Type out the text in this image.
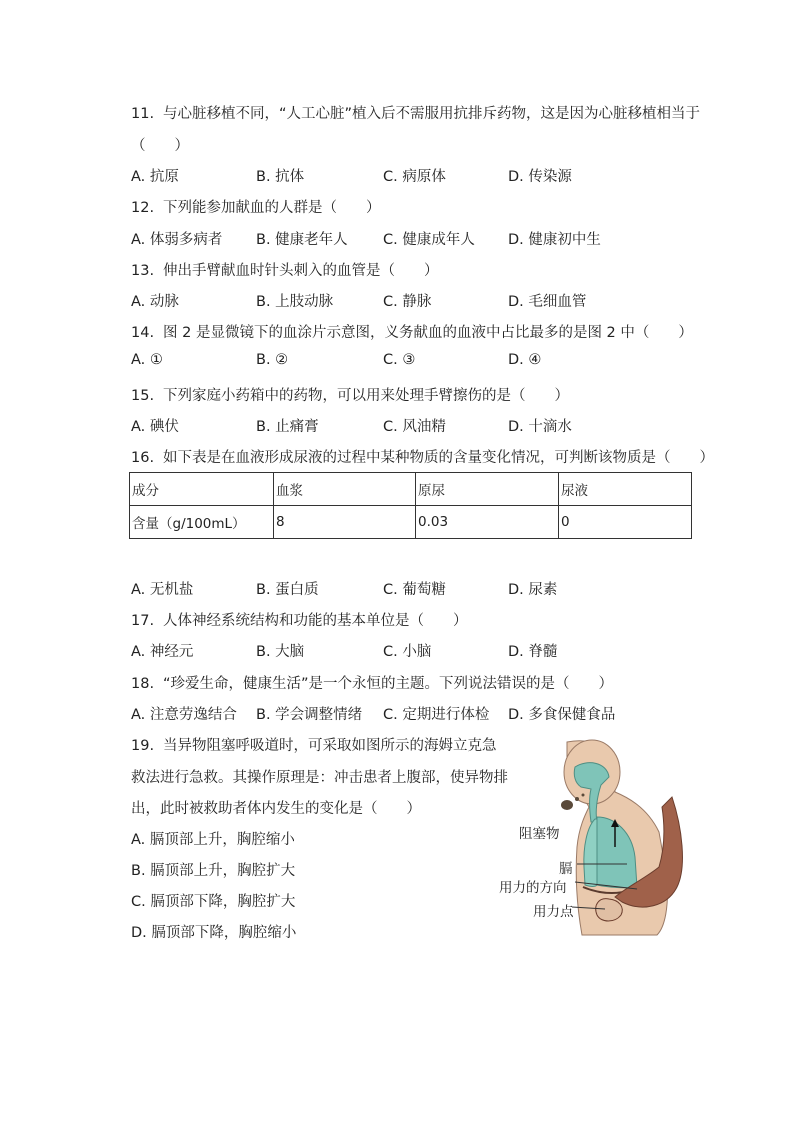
11. 与心脏移植不同，“人工心脏”植入后不需服用抗排斥药物，这是因为心脏移植相当于
（　　）
A. 抗原	B. 抗体	C. 病原体	D. 传染源
12. 下列能参加献血的人群是（　　）
A. 体弱多病者 B. 健康老年人 C. 健康成年人 D. 健康初中生
13. 伸出手臂献血时针头刺入的血管是（　　）
A. 动脉	B. 上肢动脉	C. 静脉	D. 毛细血管
14. 图 2 是显微镜下的血涂片示意图，义务献血的血液中占比最多的是图 2 中（　　）
A. ①	B. ②	C. ③	D. ④
15. 下列家庭小药箱中的药物，可以用来处理手臂擦伤的是（　　）
A. 碘伏	B. 止痛膏	C. 风油精	D. 十滴水
16. 如下表是在血液形成尿液的过程中某种物质的含量变化情况，可判断该物质是（　　）
成分	血浆	原尿	尿液
含量（g/100mL）	8	0.03	0
A. 无机盐	B. 蛋白质	C. 葡萄糖	D. 尿素
17. 人体神经系统结构和功能的基本单位是（　　）
A. 神经元	B. 大脑	C. 小脑	D. 脊髓
18. “珍爱生命，健康生活”是一个永恒的主题。下列说法错误的是（　　）
A. 注意劳逸结合 B. 学会调整情绪 C. 定期进行体检 D. 多食保健食品
19. 当异物阻塞呼吸道时，可采取如图所示的海姆立克急
救法进行急救。其操作原理是：冲击患者上腹部，使异物排
出，此时被救助者体内发生的变化是（　　）
A. 膈顶部上升，胸腔缩小
B. 膈顶部上升，胸腔扩大
C. 膈顶部下降，胸腔扩大
D. 膈顶部下降，胸腔缩小
阻塞物
膈
用力的方向
用力点
